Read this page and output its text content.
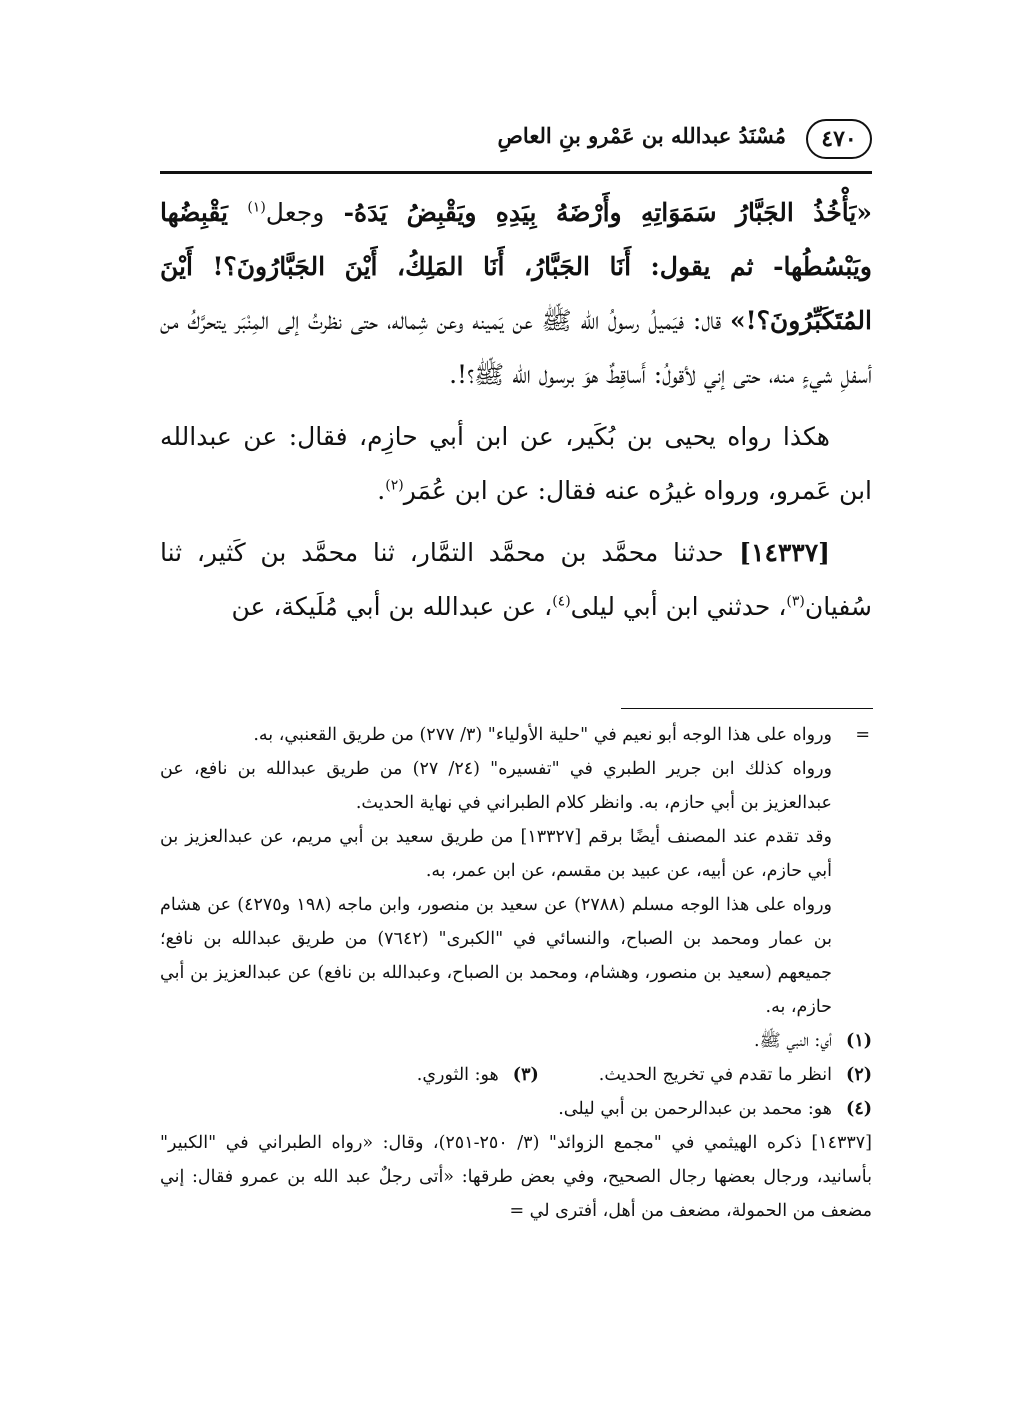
٤٧٠
مُسْنَدُ عبدالله بن عَمْرو بنِ العاصِ

«يَأْخُذُ الجَبَّارُ سَمَوَاتِهِ وأَرْضَهُ بِيَدِهِ ويَقْبِضُ يَدَهُ- وجعل$^{(١)}$ يَقْبِضُها ويَبْسُطُها- ثم يقول: أَنَا الجَبَّارُ، أَنَا المَلِكُ، أَيْنَ الجَبَّارُونَ؟! أَيْنَ المُتَكَبِّرُونَ؟!» قال: فيَميلُ رسولُ الله ﷺ عن يَمينه وعن شِماله، حتى نظرتُ إلى المِنْبَر يتحرَّكُ من أسفلِ شيءٍ منه، حتى إني لأقولُ: أَساقِطٌ هوَ برسول الله ﷺ؟!.

هكذا رواه يحيى بن بُكَير، عن ابن أبي حازِم، فقال: عن عبدالله ابن عَمرو، ورواه غيرُه عنه فقال: عن ابن عُمَر$^{(٢)}$.

[١٤٣٣٧] حدثنا محمَّد بن محمَّد التمَّار، ثنا محمَّد بن كَثير، ثنا سُفيان$^{(٣)}$، حدثني ابن أبي ليلى$^{(٤)}$، عن عبدالله بن أبي مُلَيكة، عن

=
ورواه على هذا الوجه أبو نعيم في "حلية الأولياء" (٣/ ٢٧٧) من طريق القعنبي، به.

ورواه كذلك ابن جرير الطبري في "تفسيره" (٢٤/ ٢٧) من طريق عبدالله بن نافع، عن عبدالعزيز بن أبي حازم، به. وانظر كلام الطبراني في نهاية الحديث.

وقد تقدم عند المصنف أيضًا برقم [١٣٣٢٧] من طريق سعيد بن أبي مريم، عن عبدالعزيز بن أبي حازم، عن أبيه، عن عبيد بن مقسم، عن ابن عمر، به.

ورواه على هذا الوجه مسلم (٢٧٨٨) عن سعيد بن منصور، وابن ماجه (١٩٨ و٤٢٧٥) عن هشام بن عمار ومحمد بن الصباح، والنسائي في "الكبرى" (٧٦٤٢) من طريق عبدالله بن نافع؛ جميعهم (سعيد بن منصور، وهشام، ومحمد بن الصباح، وعبدالله بن نافع) عن عبدالعزيز بن أبي حازم، به.

(١)أي: النبي ﷺ.

(٢)انظر ما تقدم في تخريج الحديث.
(٣)هو: الثوري.

(٤)هو: محمد بن عبدالرحمن بن أبي ليلى.

[١٤٣٣٧] ذكره الهيثمي في "مجمع الزوائد" (٣/ ٢٥٠-٢٥١)، وقال: «رواه الطبراني في "الكبير" بأسانيد، ورجال بعضها رجال الصحيح، وفي بعض طرقها: «أتى رجلٌ عبد الله بن عمرو فقال: إني مضعف من الحمولة، مضعف من أهل، أفترى لي =
